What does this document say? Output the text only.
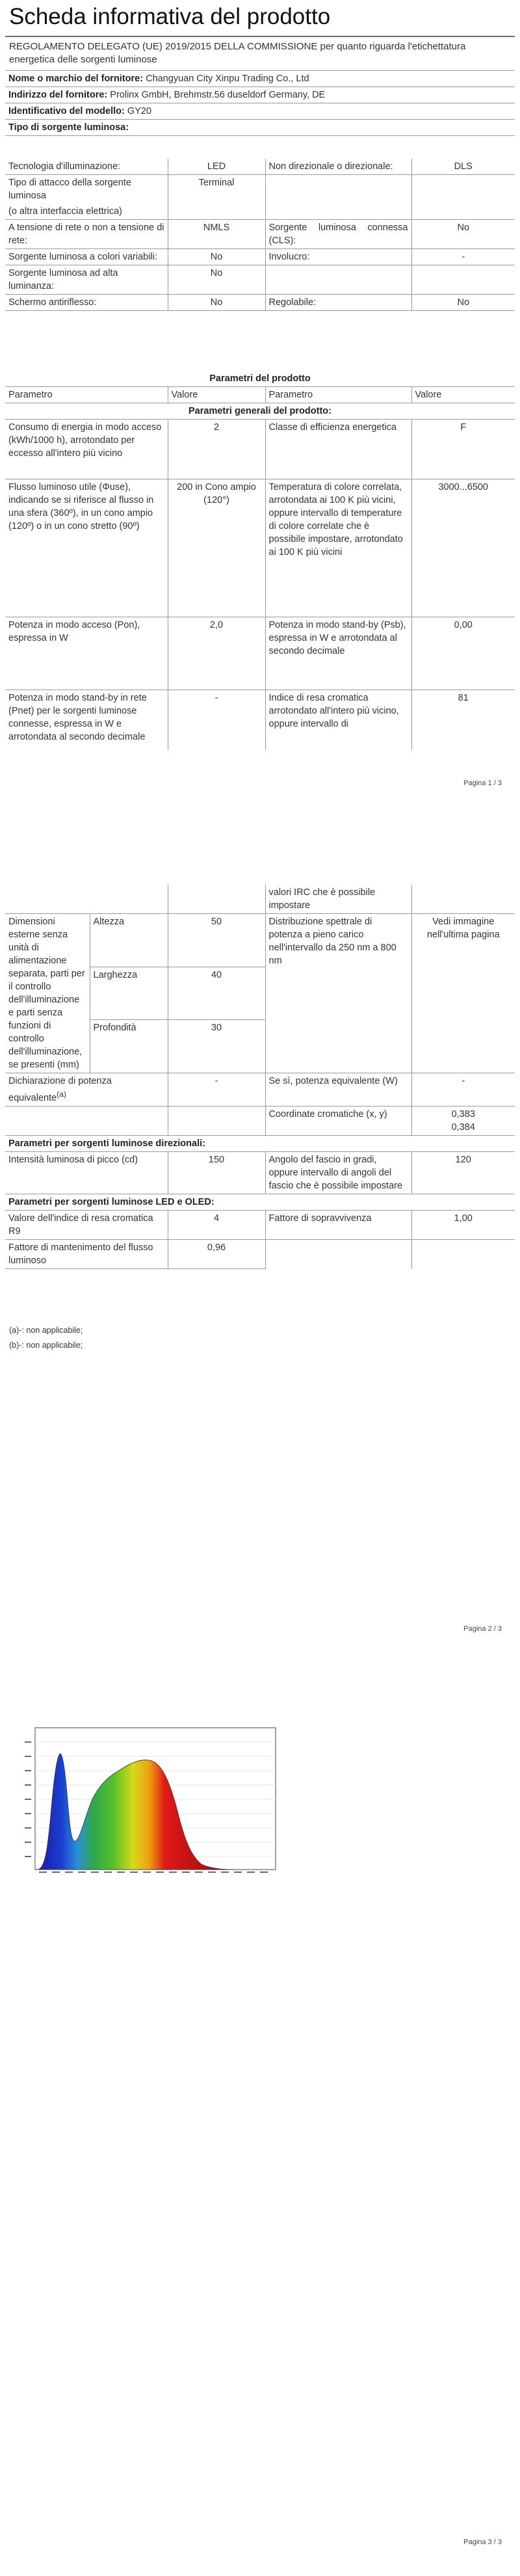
Scheda informativa del prodotto

REGOLAMENTO DELEGATO (UE) 2019/2015 DELLA COMMISSIONE per quanto riguarda l'etichettatura energetica delle sorgenti luminose

Nome o marchio del fornitore: Changyuan City Xinpu Trading Co., Ltd
Indirizzo del fornitore: Prolinx GmbH, Brehmstr.56 duseldorf Germany, DE
Identificativo del modello: GY20
Tipo di sorgente luminosa:
Tecnologia d'illuminazione:	LED	Non direzionale o direzionale:	DLS
Tipo di attacco della sorgente luminosa	Terminal		
(o altra interfaccia elettrica)			
A tensione di rete o non a tensione di rete:	NMLS	Sorgente luminosa connessa (CLS):	No
Sorgente luminosa a colori variabili:	No	Involucro:	-
Sorgente luminosa ad alta luminanza:	No		
Schermo antiriflesso:	No	Regolabile:	No
Parametri del prodotto			
Parametro	Valore	Parametro	Valore
Parametri generali del prodotto:			
Consumo di energia in modo acceso (kWh/1000 h), arrotondato per eccesso all'intero più vicino	2	Classe di efficienza energetica	F
Flusso luminoso utile (Φuse), indicando se si riferisce al flusso in una sfera (360º), in un cono ampio (120º) o in un cono stretto (90º)	200 in Cono ampio (120°)	Temperatura di colore correlata, arrotondata ai 100 K più vicini, oppure intervallo di temperature di colore correlate che è possibile impostare, arrotondato ai 100 K più vicini	3000...6500
Potenza in modo acceso (Pon), espressa in W	2,0	Potenza in modo stand-by (Psb), espressa in W e arrotondata al secondo decimale	0,00
Potenza in modo stand-by in rete (Pnet) per le sorgenti luminose connesse, espressa in W e arrotondata al secondo decimale	-	Indice di resa cromatica arrotondato all'intero più vicino, oppure intervallo di	81
Pagina 1 / 3
			valori IRC che è possibile impostare	
Dimensioni esterne senza unità di alimentazione separata, parti per il controllo dell'illuminazione e parti senza funzioni di controllo dell'illuminazione, se presenti (mm)	Altezza	50	Distribuzione spettrale di potenza a pieno carico nell'intervallo da 250 nm a 800 nm	Vedi immagine nell'ultima pagina
	Larghezza	40		
	Profondità	30		
Dichiarazione di potenza equivalente$^{(a)}$		-	Se sì, potenza equivalente (W)	-
			Coordinate cromatiche (x, y)	0,383
0,384

Parametri per sorgenti luminose direzionali:				
Intensità luminosa di picco (cd)		150	Angolo del fascio in gradi, oppure intervallo di angoli del fascio che è possibile impostare	120
Parametri per sorgenti luminose LED e OLED:				
Valore dell'indice di resa cromatica R9		4	Fattore di sopravvivenza	1,00
Fattore di mantenimento del flusso luminoso		0,96		
(a)-: non applicabile;
(b)-: non applicabile;
Pagina 2 / 3
Pagina 3 / 3
